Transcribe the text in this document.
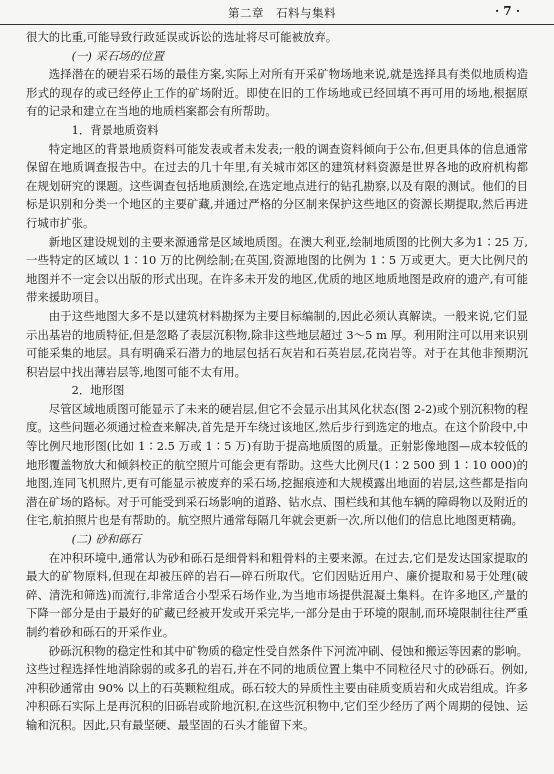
第二章　石料与集料	· 7 ·

很大的比重,可能导致行政延误或诉讼的选址将尽可能被放弃。

(一) 采石场的位置

选择潜在的硬岩采石场的最佳方案,实际上对所有开采矿物场地来说,就是选择具有类似地质构造形式的现存的或已经停止工作的矿场附近。即使在旧的工作场地或已经回填不再可用的场地,根据原有的记录和建立在当地的地质档案都会有所帮助。

1．背景地质资料

特定地区的背景地质资料可能发表或者未发表;一般的调查资料倾向于公布,但更具体的信息通常保留在地质调查报告中。在过去的几十年里,有关城市郊区的建筑材料资源是世界各地的政府机构都在规划研究的课题。这些调查包括地质测绘,在选定地点进行的钻孔勘察,以及有限的测试。他们的目标是识别和分类一个地区的主要矿藏,并通过严格的分区制来保护这些地区的资源长期提取,然后再进行城市扩张。

新地区建设规划的主要来源通常是区域地质图。在澳大利亚,绘制地质图的比例大多为1∶25 万,一些特定的区域以 1∶10 万的比例绘制;在英国,资源地图的比例为 1∶5 万或更大。更大比例尺的地图并不一定会以出版的形式出现。在许多未开发的地区,优质的地区地质地图是政府的遗产,有可能带来援助项目。

由于这些地图大多不是以建筑材料勘探为主要目标编制的,因此必须认真解读。一般来说,它们显示出基岩的地质特征,但是忽略了表层沉积物,除非这些地层超过 3～5 m 厚。利用附注可以用来识别可能采集的地层。具有明确采石潜力的地层包括石灰岩和石英岩层,花岗岩等。对于在其他非预期沉积岩层中找出薄岩层等,地图可能不太有用。

2．地形图

尽管区域地质图可能显示了未来的硬岩层,但它不会显示出其风化状态(图 2-2)或个别沉积物的程度。这些问题必须通过检查来解决,首先是开车绕过该地区,然后步行到选定的地点。在这个阶段中,中等比例尺地形图(比如 1∶2.5 万或 1∶5 万)有助于提高地质图的质量。正射影像地图—成本较低的地形覆盖物放大和倾斜校正的航空照片可能会更有帮助。这些大比例尺(1∶2 500 到 1∶10 000)的地图,连同飞机照片,更有可能显示被废弃的采石场,挖掘痕迹和大规模露出地面的岩层,这些都是指向潜在矿场的路标。对于可能受到采石场影响的道路、钻水点、围栏线和其他车辆的障碍物以及附近的住宅,航拍照片也是有帮助的。航空照片通常每隔几年就会更新一次,所以他们的信息比地图更精确。

(二) 砂和砾石

在冲积环境中,通常认为砂和砾石是细骨料和粗骨料的主要来源。在过去,它们是发达国家提取的最大的矿物原料,但现在却被压碎的岩石—碎石所取代。它们因贴近用户、廉价提取和易于处理(破碎、清洗和筛选)而流行,非常适合小型采石场作业,为当地市场提供混凝土集料。在许多地区,产量的下降一部分是由于最好的矿藏已经被开发或开采完毕,一部分是由于环境的限制,而环境限制往往严重制约着砂和砾石的开采作业。

砂砾沉积物的稳定性和其中矿物质的稳定性受自然条件下河流冲刷、侵蚀和搬运等因素的影响。这些过程选择性地消除弱的或多孔的岩石,并在不同的地质位置上集中不同粒径尺寸的砂砾石。例如,冲积砂通常由 90% 以上的石英颗粒组成。砾石较大的异质性主要由硅质变质岩和火成岩组成。许多冲积砾石实际上是再沉积的旧砾岩或阶地沉积,在这些沉积物中,它们至少经历了两个周期的侵蚀、运输和沉积。因此,只有最坚硬、最坚固的石头才能留下来。
